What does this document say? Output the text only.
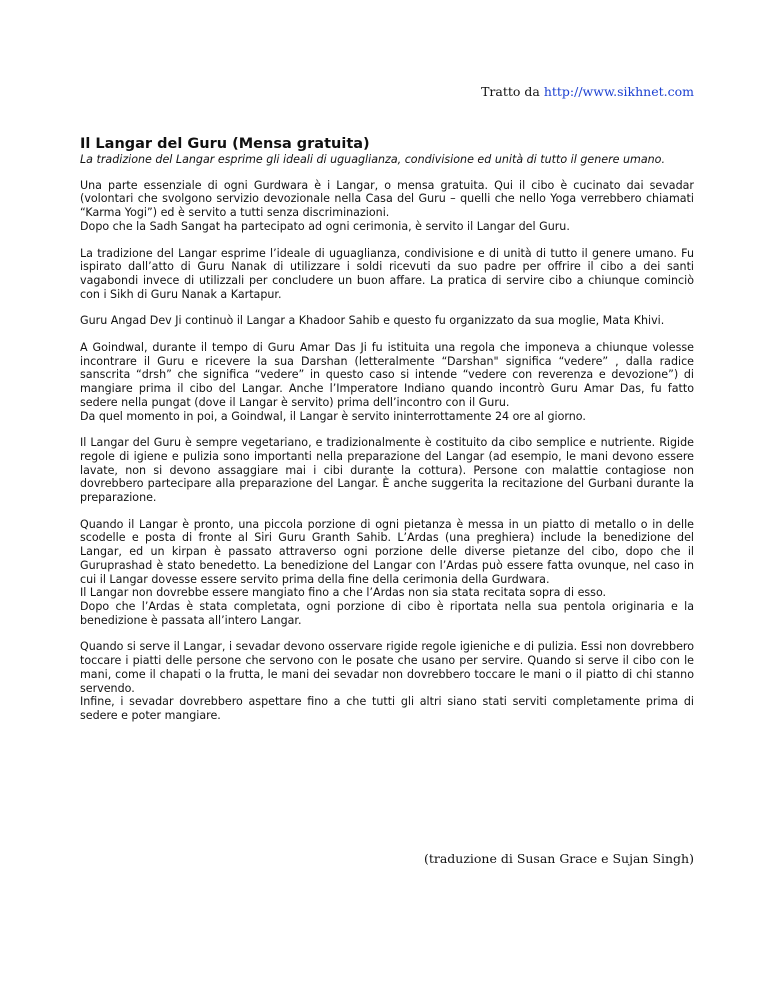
Tratto da http://www.sikhnet.com
Il Langar del Guru (Mensa gratuita)

La tradizione del Langar esprime gli ideali di uguaglianza, condivisione ed unità di tutto il genere umano.

Una parte essenziale di ogni Gurdwara è i Langar, o mensa gratuita. Qui il cibo è cucinato dai sevadar (volontari che svolgono servizio devozionale nella Casa del Guru – quelli che nello Yoga verrebbero chiamati “Karma Yogi”) ed è servito a tutti senza discriminazioni.
Dopo che la Sadh Sangat ha partecipato ad ogni cerimonia, è servito il Langar del Guru.

La tradizione del Langar esprime l’ideale di uguaglianza, condivisione e di unità di tutto il genere umano. Fu ispirato dall’atto di Guru Nanak di utilizzare i soldi ricevuti da suo padre per offrire il cibo a dei santi vagabondi invece di utilizzali per concludere un buon affare. La pratica di servire cibo a chiunque cominciò con i Sikh di Guru Nanak a Kartapur.

Guru Angad Dev Ji continuò il Langar a Khadoor Sahib e questo fu organizzato da sua moglie, Mata Khivi.

A Goindwal, durante il tempo di Guru Amar Das Ji fu istituita una regola che imponeva a chiunque volesse incontrare il Guru e ricevere la sua Darshan (letteralmente “Darshan" significa “vedere” , dalla radice sanscrita “drsh” che significa “vedere” in questo caso si intende “vedere con reverenza e devozione”) di mangiare prima il cibo del Langar. Anche l’Imperatore Indiano quando incontrò Guru Amar Das, fu fatto sedere nella pungat (dove il Langar è servito) prima dell’incontro con il Guru.
Da quel momento in poi, a Goindwal, il Langar è servito ininterrottamente 24 ore al giorno.

Il Langar del Guru è sempre vegetariano, e tradizionalmente è costituito da cibo semplice e nutriente. Rigide regole di igiene e pulizia sono importanti nella preparazione del Langar (ad esempio, le mani devono essere lavate, non si devono assaggiare mai i cibi durante la cottura). Persone con malattie contagiose non dovrebbero partecipare alla preparazione del Langar. È anche suggerita la recitazione del Gurbani durante la preparazione.

Quando il Langar è pronto, una piccola porzione di ogni pietanza è messa in un piatto di metallo o in delle scodelle e posta di fronte al Siri Guru Granth Sahib. L’Ardas (una preghiera) include la benedizione del Langar, ed un kirpan è passato attraverso ogni porzione delle diverse pietanze del cibo, dopo che il Guruprashad è stato benedetto. La benedizione del Langar con l’Ardas può essere fatta ovunque, nel caso in cui il Langar dovesse essere servito prima della fine della cerimonia della Gurdwara.
Il Langar non dovrebbe essere mangiato fino a che l’Ardas non sia stata recitata sopra di esso.
Dopo che l’Ardas è stata completata, ogni porzione di cibo è riportata nella sua pentola originaria e la benedizione è passata all’intero Langar.

Quando si serve il Langar, i sevadar devono osservare rigide regole igieniche e di pulizia. Essi non dovrebbero toccare i piatti delle persone che servono con le posate che usano per servire. Quando si serve il cibo con le mani, come il chapati o la frutta, le mani dei sevadar non dovrebbero toccare le mani o il piatto di chi stanno servendo.
Infine, i sevadar dovrebbero aspettare fino a che tutti gli altri siano stati serviti completamente prima di sedere e poter mangiare.

(traduzione di Susan Grace e Sujan Singh)
